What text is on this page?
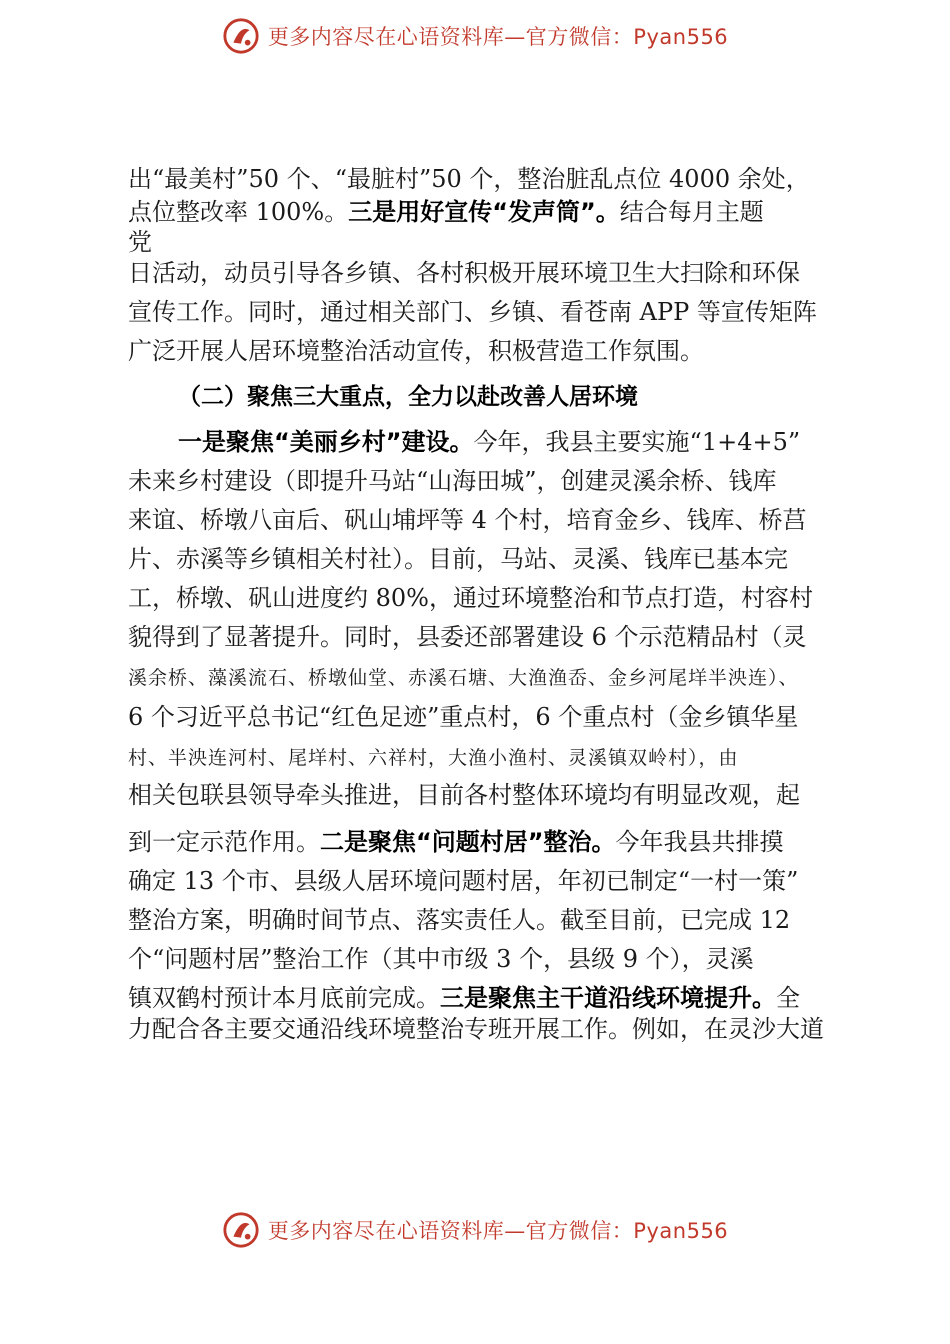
更多内容尽在心语资料库—官方微信：Pyan556
出“最美村”50 个、“最脏村”50 个，整治脏乱点位 4000 余处，
点位整改率 100%。三是用好宣传“发声筒”。结合每月主题
党
日活动，动员引导各乡镇、各村积极开展环境卫生大扫除和环保
宣传工作。同时，通过相关部门、乡镇、看苍南 APP 等宣传矩阵
广泛开展人居环境整治活动宣传，积极营造工作氛围。
（二）聚焦三大重点，全力以赴改善人居环境
一是聚焦“美丽乡村”建设。今年，我县主要实施“1+4+5”
未来乡村建设（即提升马站“山海田城”，创建灵溪余桥、钱库
来谊、桥墩八亩后、矾山埔坪等 4 个村，培育金乡、钱库、桥莒
片、赤溪等乡镇相关村社）。目前，马站、灵溪、钱库已基本完
工，桥墩、矾山进度约 80%，通过环境整治和节点打造，村容村
貌得到了显著提升。同时，县委还部署建设 6 个示范精品村（灵
溪余桥、藻溪流石、桥墩仙堂、赤溪石塘、大渔渔岙、金乡河尾垟半泱连）、
6 个习近平总书记“红色足迹”重点村，6 个重点村（金乡镇华星
村、半泱连河村、尾垟村、六祥村，大渔小渔村、灵溪镇双岭村），由
相关包联县领导牵头推进，目前各村整体环境均有明显改观，起
到一定示范作用。二是聚焦“问题村居”整治。今年我县共排摸
确定 13 个市、县级人居环境问题村居，年初已制定“一村一策”
整治方案，明确时间节点、落实责任人。截至目前，已完成 12
个“问题村居”整治工作（其中市级 3 个，县级 9 个），灵溪
镇双鹤村预计本月底前完成。三是聚焦主干道沿线环境提升。全
力配合各主要交通沿线环境整治专班开展工作。例如，在灵沙大道
更多内容尽在心语资料库—官方微信：Pyan556
